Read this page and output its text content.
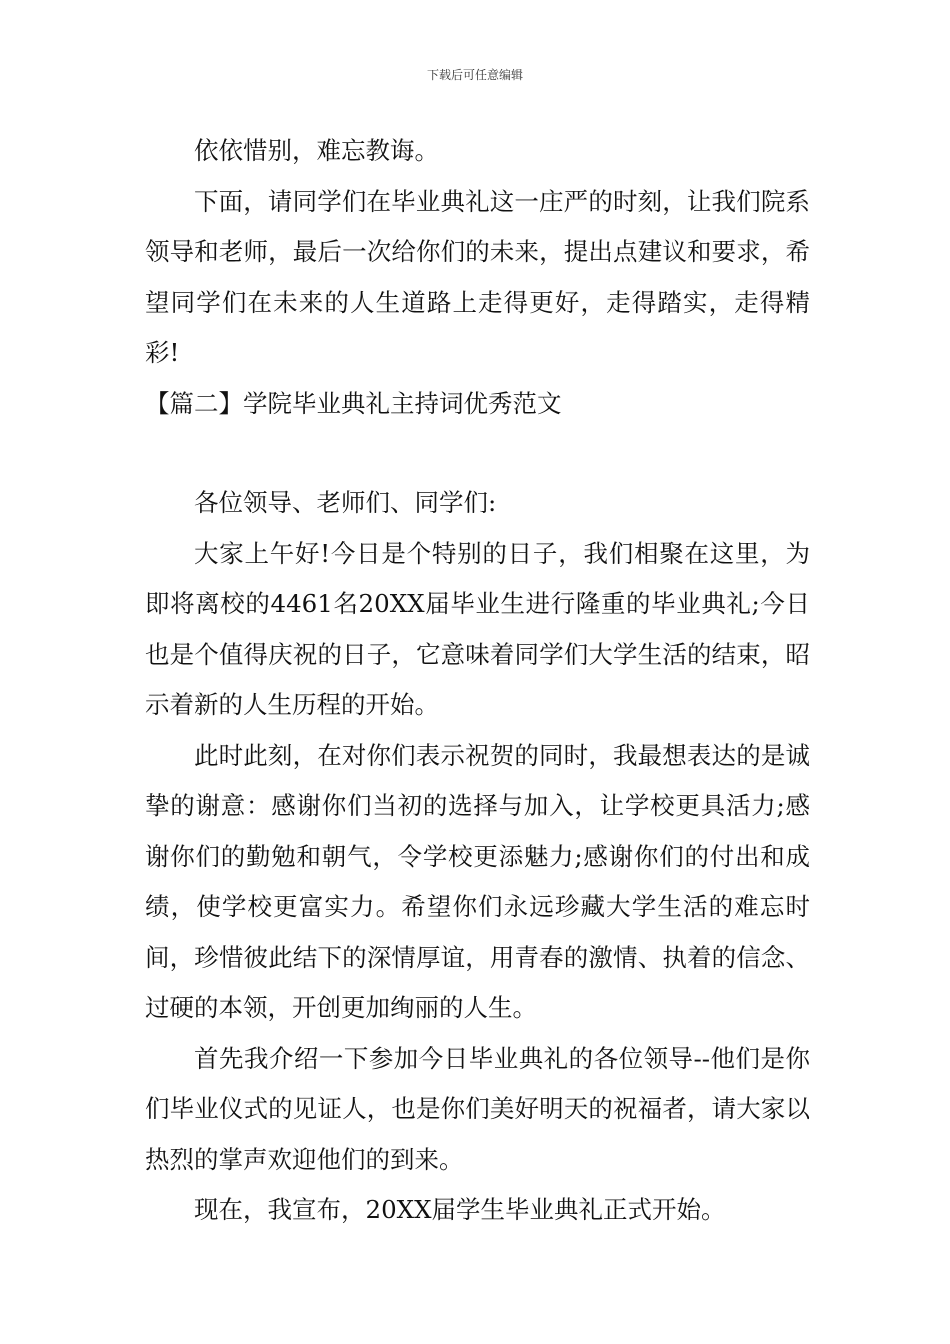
下载后可任意编辑

依依惜别，难忘教诲。

下面，请同学们在毕业典礼这一庄严的时刻，让我们院系领导和老师，最后一次给你们的未来，提出点建议和要求，希望同学们在未来的人生道路上走得更好，走得踏实，走得精彩!

【篇二】学院毕业典礼主持词优秀范文

各位领导、老师们、同学们:

大家上午好!今日是个特别的日子，我们相聚在这里，为即将离校的4461名20XX届毕业生进行隆重的毕业典礼;今日也是个值得庆祝的日子，它意味着同学们大学生活的结束，昭示着新的人生历程的开始。

此时此刻，在对你们表示祝贺的同时，我最想表达的是诚挚的谢意：感谢你们当初的选择与加入，让学校更具活力;感谢你们的勤勉和朝气，令学校更添魅力;感谢你们的付出和成绩，使学校更富实力。希望你们永远珍藏大学生活的难忘时间，珍惜彼此结下的深情厚谊，用青春的激情、执着的信念、过硬的本领，开创更加绚丽的人生。

首先我介绍一下参加今日毕业典礼的各位领导--他们是你们毕业仪式的见证人，也是你们美好明天的祝福者，请大家以热烈的掌声欢迎他们的到来。

现在，我宣布，20XX届学生毕业典礼正式开始。
